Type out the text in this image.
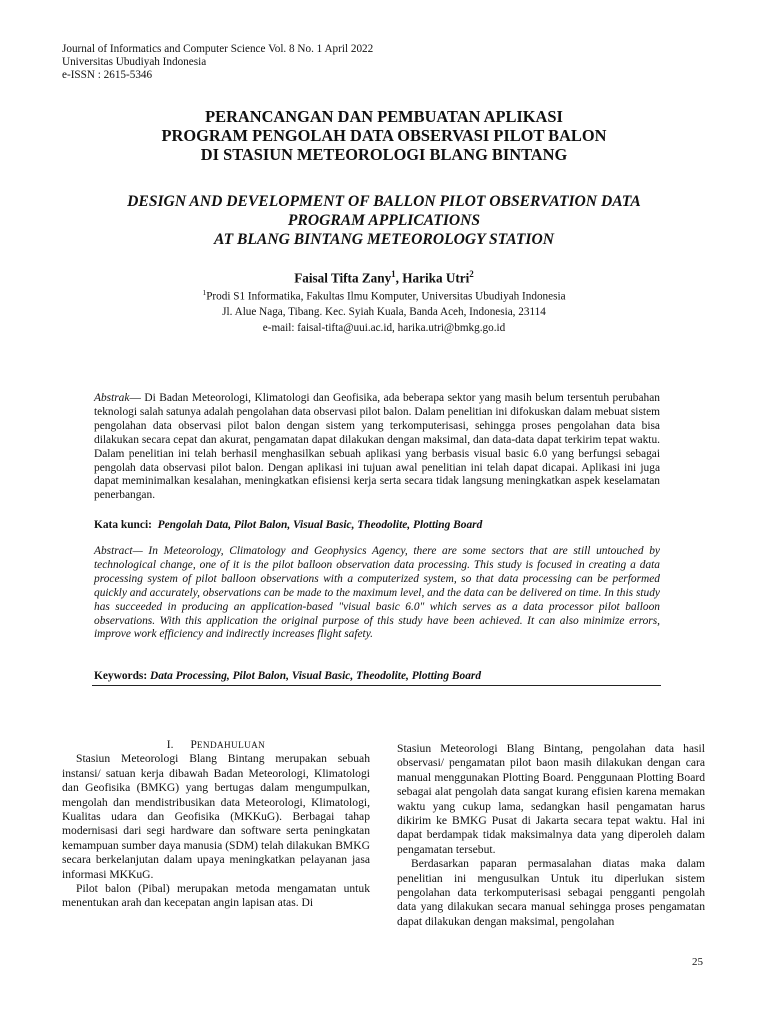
Journal of Informatics and Computer Science Vol. 8 No. 1 April 2022
Universitas Ubudiyah Indonesia
e-ISSN : 2615-5346
PERANCANGAN DAN PEMBUATAN APLIKASI
PROGRAM PENGOLAH DATA OBSERVASI PILOT BALON
DI STASIUN METEOROLOGI BLANG BINTANG
DESIGN AND DEVELOPMENT OF BALLON PILOT OBSERVATION DATA
PROGRAM APPLICATIONS
AT BLANG BINTANG METEOROLOGY STATION
Faisal Tifta Zany$^1$, Harika Utri$^2$
$^1$Prodi S1 Informatika, Fakultas Ilmu Komputer, Universitas Ubudiyah Indonesia
Jl. Alue Naga, Tibang. Kec. Syiah Kuala, Banda Aceh, Indonesia, 23114
e-mail: faisal-tifta@uui.ac.id, harika.utri@bmkg.go.id
Abstrak— Di Badan Meteorologi, Klimatologi dan Geofisika, ada beberapa sektor yang masih belum tersentuh perubahan teknologi salah satunya adalah pengolahan data observasi pilot balon. Dalam penelitian ini difokuskan dalam mebuat sistem pengolahan data observasi pilot balon dengan sistem yang terkomputerisasi, sehingga proses pengolahan data bisa dilakukan secara cepat dan akurat, pengamatan dapat dilakukan dengan maksimal, dan data-data dapat terkirim tepat waktu. Dalam penelitian ini telah berhasil menghasilkan sebuah aplikasi yang berbasis visual basic 6.0 yang berfungsi sebagai pengolah data observasi pilot balon. Dengan aplikasi ini tujuan awal penelitian ini telah dapat dicapai. Aplikasi ini juga dapat meminimalkan kesalahan, meningkatkan efisiensi kerja serta secara tidak langsung meningkatkan aspek keselamatan penerbangan.
Kata kunci: Pengolah Data, Pilot Balon, Visual Basic, Theodolite, Plotting Board
Abstract— In Meteorology, Climatology and Geophysics Agency, there are some sectors that are still untouched by technological change, one of it is the pilot balloon observation data processing. This study is focused in creating a data processing system of pilot balloon observations with a computerized system, so that data processing can be performed quickly and accurately, observations can be made to the maximum level, and the data can be delivered on time. In this study has succeeded in producing an application-based "visual basic 6.0" which serves as a data processor pilot balloon observations. With this application the original purpose of this study have been achieved. It can also minimize errors, improve work efficiency and indirectly increases flight safety.
Keywords: Data Processing, Pilot Balon, Visual Basic, Theodolite, Plotting Board

I. PENDAHULUAN

Stasiun Meteorologi Blang Bintang merupakan sebuah instansi/ satuan kerja dibawah Badan Meteorologi, Klimatologi dan Geofisika (BMKG) yang bertugas dalam mengumpulkan, mengolah dan mendistribusikan data Meteorologi, Klimatologi, Kualitas udara dan Geofisika (MKKuG). Berbagai tahap modernisasi dari segi hardware dan software serta peningkatan kemampuan sumber daya manusia (SDM) telah dilakukan BMKG secara berkelanjutan dalam upaya meningkatkan pelayanan jasa informasi MKKuG.

Pilot balon (Pibal) merupakan metoda mengamatan untuk menentukan arah dan kecepatan angin lapisan atas. Di

Stasiun Meteorologi Blang Bintang, pengolahan data hasil observasi/ pengamatan pilot baon masih dilakukan dengan cara manual menggunakan Plotting Board. Penggunaan Plotting Board sebagai alat pengolah data sangat kurang efisien karena memakan waktu yang cukup lama, sedangkan hasil pengamatan harus dikirim ke BMKG Pusat di Jakarta secara tepat waktu. Hal ini dapat berdampak tidak maksimalnya data yang diperoleh dalam pengamatan tersebut.

Berdasarkan paparan permasalahan diatas maka dalam penelitian ini mengusulkan Untuk itu diperlukan sistem pengolahan data terkomputerisasi sebagai pengganti pengolah data yang dilakukan secara manual sehingga proses pengamatan dapat dilakukan dengan maksimal, pengolahan

25
